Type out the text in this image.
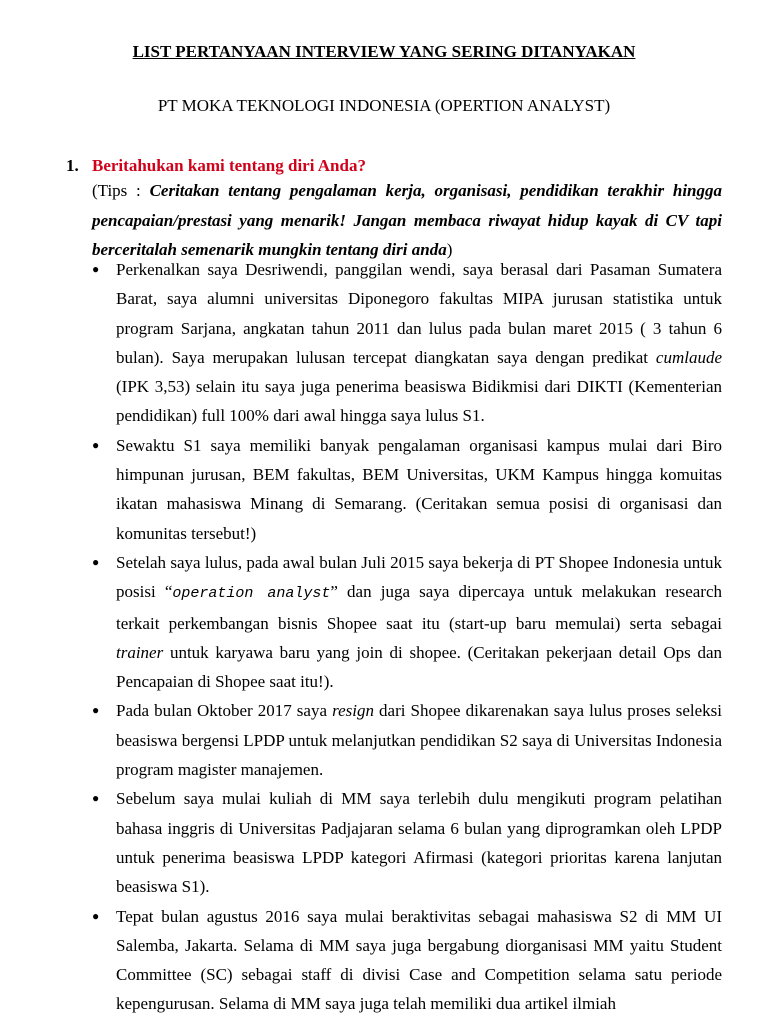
LIST PERTANYAAN INTERVIEW YANG SERING DITANYAKAN
PT MOKA TEKNOLOGI INDONESIA (OPERTION ANALYST)
1. Beritahukan kami tentang diri Anda?
(Tips : Ceritakan tentang pengalaman kerja, organisasi, pendidikan terakhir hingga pencapaian/prestasi yang menarik! Jangan membaca riwayat hidup kayak di CV tapi berceritalah semenarik mungkin tentang diri anda)
● Perkenalkan saya Desriwendi, panggilan wendi, saya berasal dari Pasaman Sumatera Barat, saya alumni universitas Diponegoro fakultas MIPA jurusan statistika untuk program Sarjana, angkatan tahun 2011 dan lulus pada bulan maret 2015 ( 3 tahun 6 bulan). Saya merupakan lulusan tercepat diangkatan saya dengan predikat cumlaude (IPK 3,53) selain itu saya juga penerima beasiswa Bidikmisi dari DIKTI (Kementerian pendidikan) full 100% dari awal hingga saya lulus S1.
● Sewaktu S1 saya memiliki banyak pengalaman organisasi kampus mulai dari Biro himpunan jurusan, BEM fakultas, BEM Universitas, UKM Kampus hingga komuitas ikatan mahasiswa Minang di Semarang. (Ceritakan semua posisi di organisasi dan komunitas tersebut!)
● Setelah saya lulus, pada awal bulan Juli 2015 saya bekerja di PT Shopee Indonesia untuk posisi “operation analyst” dan juga saya dipercaya untuk melakukan research terkait perkembangan bisnis Shopee saat itu (start-up baru memulai) serta sebagai trainer untuk karyawa baru yang join di shopee. (Ceritakan pekerjaan detail Ops dan Pencapaian di Shopee saat itu!).
● Pada bulan Oktober 2017 saya resign dari Shopee dikarenakan saya lulus proses seleksi beasiswa bergensi LPDP untuk melanjutkan pendidikan S2 saya di Universitas Indonesia program magister manajemen.
● Sebelum saya mulai kuliah di MM saya terlebih dulu mengikuti program pelatihan bahasa inggris di Universitas Padjajaran selama 6 bulan yang diprogramkan oleh LPDP untuk penerima beasiswa LPDP kategori Afirmasi (kategori prioritas karena lanjutan beasiswa S1).
● Tepat bulan agustus 2016 saya mulai beraktivitas sebagai mahasiswa S2 di MM UI Salemba, Jakarta. Selama di MM saya juga bergabung diorganisasi MM yaitu Student Committee (SC) sebagai staff di divisi Case and Competition selama satu periode kepengurusan. Selama di MM saya juga telah memiliki dua artikel ilmiah
